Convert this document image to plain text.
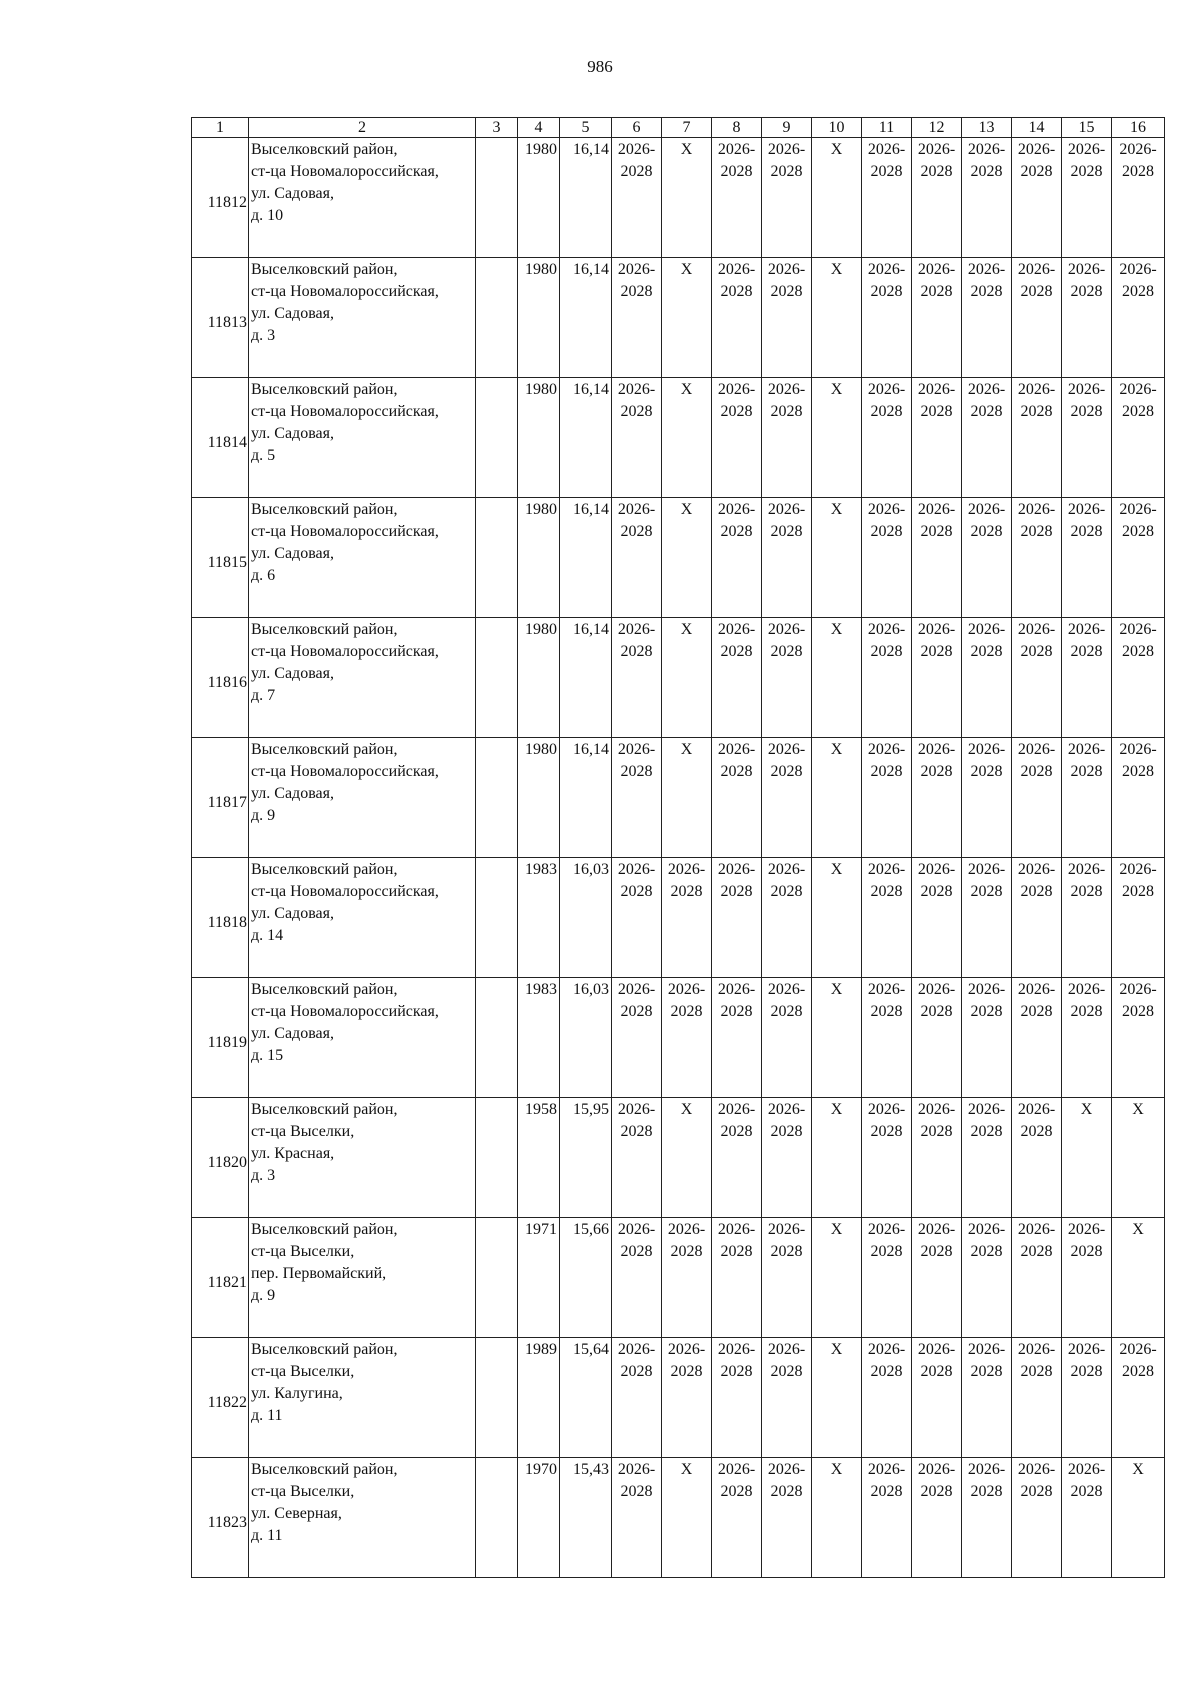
986
1	2	3	4	5	6	7	8	9	10	11	12	13	14	15	16
11812	Выселковский район,
ст-ца Новомалороссийская,
ул. Садовая,
д. 10		1980	16,14	2026-
2028	X	2026-
2028	2026-
2028	X	2026-
2028	2026-
2028	2026-
2028	2026-
2028	2026-
2028	2026-
2028

11813	Выселковский район,
ст-ца Новомалороссийская,
ул. Садовая,
д. 3		1980	16,14	2026-
2028	X	2026-
2028	2026-
2028	X	2026-
2028	2026-
2028	2026-
2028	2026-
2028	2026-
2028	2026-
2028

11814	Выселковский район,
ст-ца Новомалороссийская,
ул. Садовая,
д. 5		1980	16,14	2026-
2028	X	2026-
2028	2026-
2028	X	2026-
2028	2026-
2028	2026-
2028	2026-
2028	2026-
2028	2026-
2028

11815	Выселковский район,
ст-ца Новомалороссийская,
ул. Садовая,
д. 6		1980	16,14	2026-
2028	X	2026-
2028	2026-
2028	X	2026-
2028	2026-
2028	2026-
2028	2026-
2028	2026-
2028	2026-
2028

11816	Выселковский район,
ст-ца Новомалороссийская,
ул. Садовая,
д. 7		1980	16,14	2026-
2028	X	2026-
2028	2026-
2028	X	2026-
2028	2026-
2028	2026-
2028	2026-
2028	2026-
2028	2026-
2028

11817	Выселковский район,
ст-ца Новомалороссийская,
ул. Садовая,
д. 9		1980	16,14	2026-
2028	X	2026-
2028	2026-
2028	X	2026-
2028	2026-
2028	2026-
2028	2026-
2028	2026-
2028	2026-
2028

11818	Выселковский район,
ст-ца Новомалороссийская,
ул. Садовая,
д. 14		1983	16,03	2026-
2028	2026-
2028	2026-
2028	2026-
2028	X	2026-
2028	2026-
2028	2026-
2028	2026-
2028	2026-
2028	2026-
2028

11819	Выселковский район,
ст-ца Новомалороссийская,
ул. Садовая,
д. 15		1983	16,03	2026-
2028	2026-
2028	2026-
2028	2026-
2028	X	2026-
2028	2026-
2028	2026-
2028	2026-
2028	2026-
2028	2026-
2028

11820	Выселковский район,
ст-ца Выселки,
ул. Красная,
д. 3		1958	15,95	2026-
2028	X	2026-
2028	2026-
2028	X	2026-
2028	2026-
2028	2026-
2028	2026-
2028	X	X

11821	Выселковский район,
ст-ца Выселки,
пер. Первомайский,
д. 9		1971	15,66	2026-
2028	2026-
2028	2026-
2028	2026-
2028	X	2026-
2028	2026-
2028	2026-
2028	2026-
2028	2026-
2028	X

11822	Выселковский район,
ст-ца Выселки,
ул. Калугина,
д. 11		1989	15,64	2026-
2028	2026-
2028	2026-
2028	2026-
2028	X	2026-
2028	2026-
2028	2026-
2028	2026-
2028	2026-
2028	2026-
2028

11823	Выселковский район,
ст-ца Выселки,
ул. Северная,
д. 11		1970	15,43	2026-
2028	X	2026-
2028	2026-
2028	X	2026-
2028	2026-
2028	2026-
2028	2026-
2028	2026-
2028	X
